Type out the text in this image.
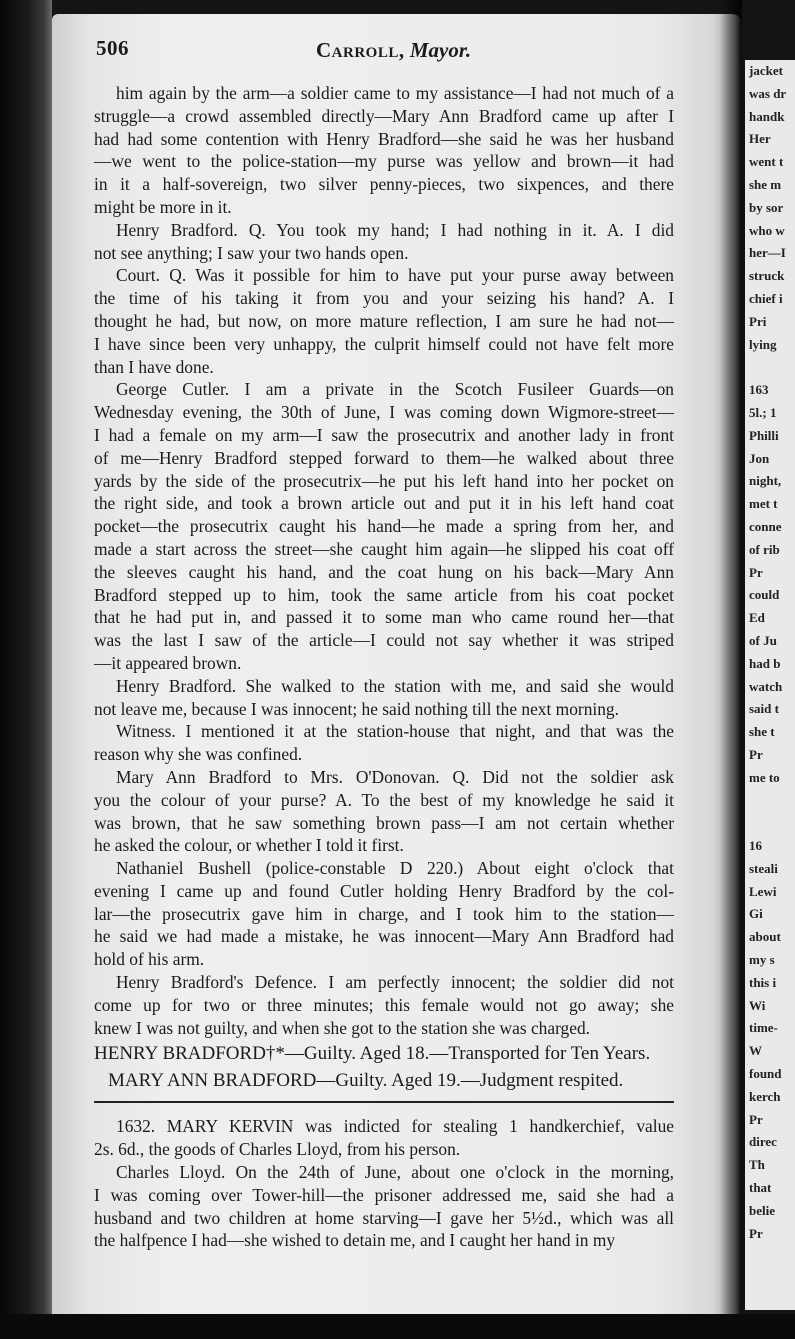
506	Carroll, Mayor.

him again by the arm—a soldier came to my assistance—I had not much of a

struggle—a crowd assembled directly—Mary Ann Bradford came up after I

had had some contention with Henry Bradford—she said he was her husband

—we went to the police-station—my purse was yellow and brown—it had

in it a half-sovereign, two silver penny-pieces, two sixpences, and there

might be more in it.

Henry Bradford. Q. You took my hand; I had nothing in it. A. I did

not see anything; I saw your two hands open.

Court. Q. Was it possible for him to have put your purse away between

the time of his taking it from you and your seizing his hand? A. I

thought he had, but now, on more mature reflection, I am sure he had not—

I have since been very unhappy, the culprit himself could not have felt more

than I have done.

George Cutler. I am a private in the Scotch Fusileer Guards—on

Wednesday evening, the 30th of June, I was coming down Wigmore-street—

I had a female on my arm—I saw the prosecutrix and another lady in front

of me—Henry Bradford stepped forward to them—he walked about three

yards by the side of the prosecutrix—he put his left hand into her pocket on

the right side, and took a brown article out and put it in his left hand coat

pocket—the prosecutrix caught his hand—he made a spring from her, and

made a start across the street—she caught him again—he slipped his coat off

the sleeves caught his hand, and the coat hung on his back—Mary Ann

Bradford stepped up to him, took the same article from his coat pocket

that he had put in, and passed it to some man who came round her—that

was the last I saw of the article—I could not say whether it was striped

—it appeared brown.

Henry Bradford. She walked to the station with me, and said she would

not leave me, because I was innocent; he said nothing till the next morning.

Witness. I mentioned it at the station-house that night, and that was the

reason why she was confined.

Mary Ann Bradford to Mrs. O'Donovan. Q. Did not the soldier ask

you the colour of your purse? A. To the best of my knowledge he said it

was brown, that he saw something brown pass—I am not certain whether

he asked the colour, or whether I told it first.

Nathaniel Bushell (police-constable D 220.) About eight o'clock that

evening I came up and found Cutler holding Henry Bradford by the col-

lar—the prosecutrix gave him in charge, and I took him to the station—

he said we had made a mistake, he was innocent—Mary Ann Bradford had

hold of his arm.

Henry Bradford's Defence. I am perfectly innocent; the soldier did not

come up for two or three minutes; this female would not go away; she

knew I was not guilty, and when she got to the station she was charged.

HENRY BRADFORD†*—Guilty. Aged 18.—Transported for Ten Years.
MARY ANN BRADFORD—Guilty. Aged 19.—Judgment respited.

1632. MARY KERVIN was indicted for stealing 1 handkerchief, value

2s. 6d., the goods of Charles Lloyd, from his person.

Charles Lloyd. On the 24th of June, about one o'clock in the morning,

I was coming over Tower-hill—the prisoner addressed me, said she had a

husband and two children at home starving—I gave her 5½d., which was all

the halfpence I had—she wished to detain me, and I caught her hand in my

jacket
was dr
handk
Her
went t
she m
by sor
who w
her—I
struck
chief i
Pri
lying

163
5l.; 1
Philli
Jon
night,
met t
conne
of rib
Pr
could
Ed
of Ju
had b
watch
said t
she t
Pr
me to

16
steali
Lewi
Gi
about
my s
this i
Wi
time-
W
found
kerch
Pr
direc
Th
that
belie
Pr
